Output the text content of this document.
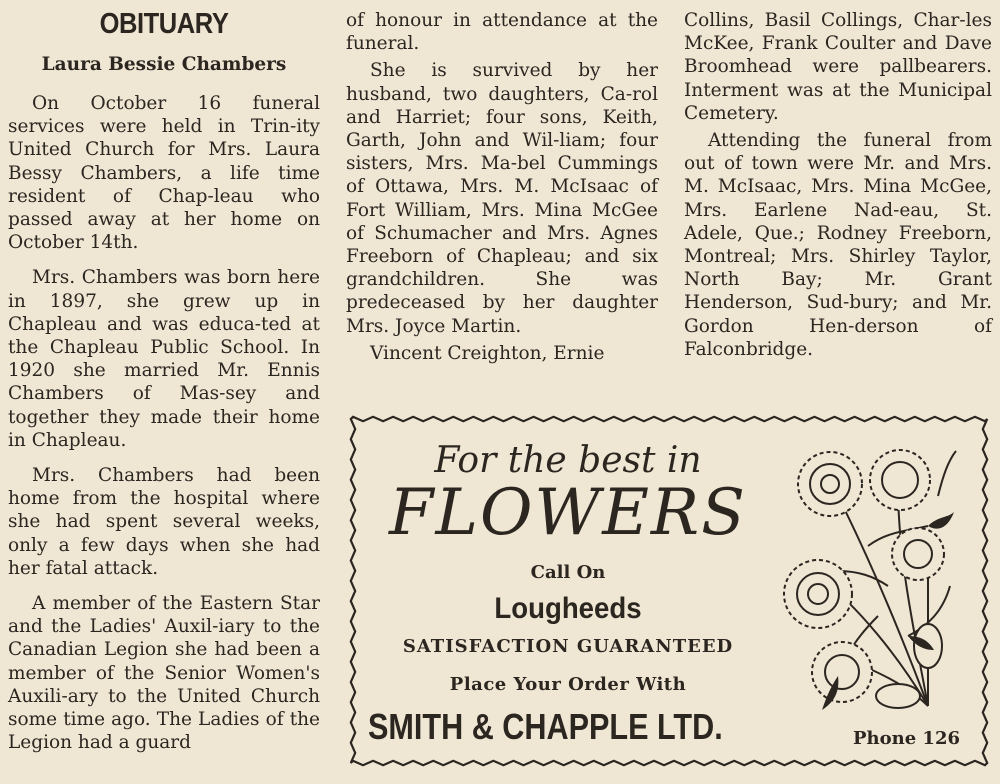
OBITUARY
Laura Bessie Chambers

On October 16 funeral services were held in Trin-ity United Church for Mrs. Laura Bessy Chambers, a life time resident of Chap-leau who passed away at her home on October 14th.

Mrs. Chambers was born here in 1897, she grew up in Chapleau and was educa-ted at the Chapleau Public School. In 1920 she married Mr. Ennis Chambers of Mas-sey and together they made their home in Chapleau.

Mrs. Chambers had been home from the hospital where she had spent several weeks, only a few days when she had her fatal attack.

A member of the Eastern Star and the Ladies' Auxil-iary to the Canadian Legion she had been a member of the Senior Women's Auxili-ary to the United Church some time ago. The Ladies of the Legion had a guard

of honour in attendance at the funeral.

She is survived by her husband, two daughters, Ca-rol and Harriet; four sons, Keith, Garth, John and Wil-liam; four sisters, Mrs. Ma-bel Cummings of Ottawa, Mrs. M. McIsaac of Fort William, Mrs. Mina McGee of Schumacher and Mrs. Agnes Freeborn of Chapleau; and six grandchildren. She was predeceased by her daughter Mrs. Joyce Martin.

Vincent Creighton, Ernie

Collins, Basil Collings, Char-les McKee, Frank Coulter and Dave Broomhead were pallbearers. Interment was at the Municipal Cemetery.

Attending the funeral from out of town were Mr. and Mrs. M. McIsaac, Mrs. Mina McGee, Mrs. Earlene Nad-eau, St. Adele, Que.; Rodney Freeborn, Montreal; Mrs. Shirley Taylor, North Bay; Mr. Grant Henderson, Sud-bury; and Mr. Gordon Hen-derson of Falconbridge.

For the best in
FLOWERS
Call On
Lougheeds
SATISFACTION GUARANTEED
Place Your Order With
SMITH & CHAPPLE LTD.	Phone 126
